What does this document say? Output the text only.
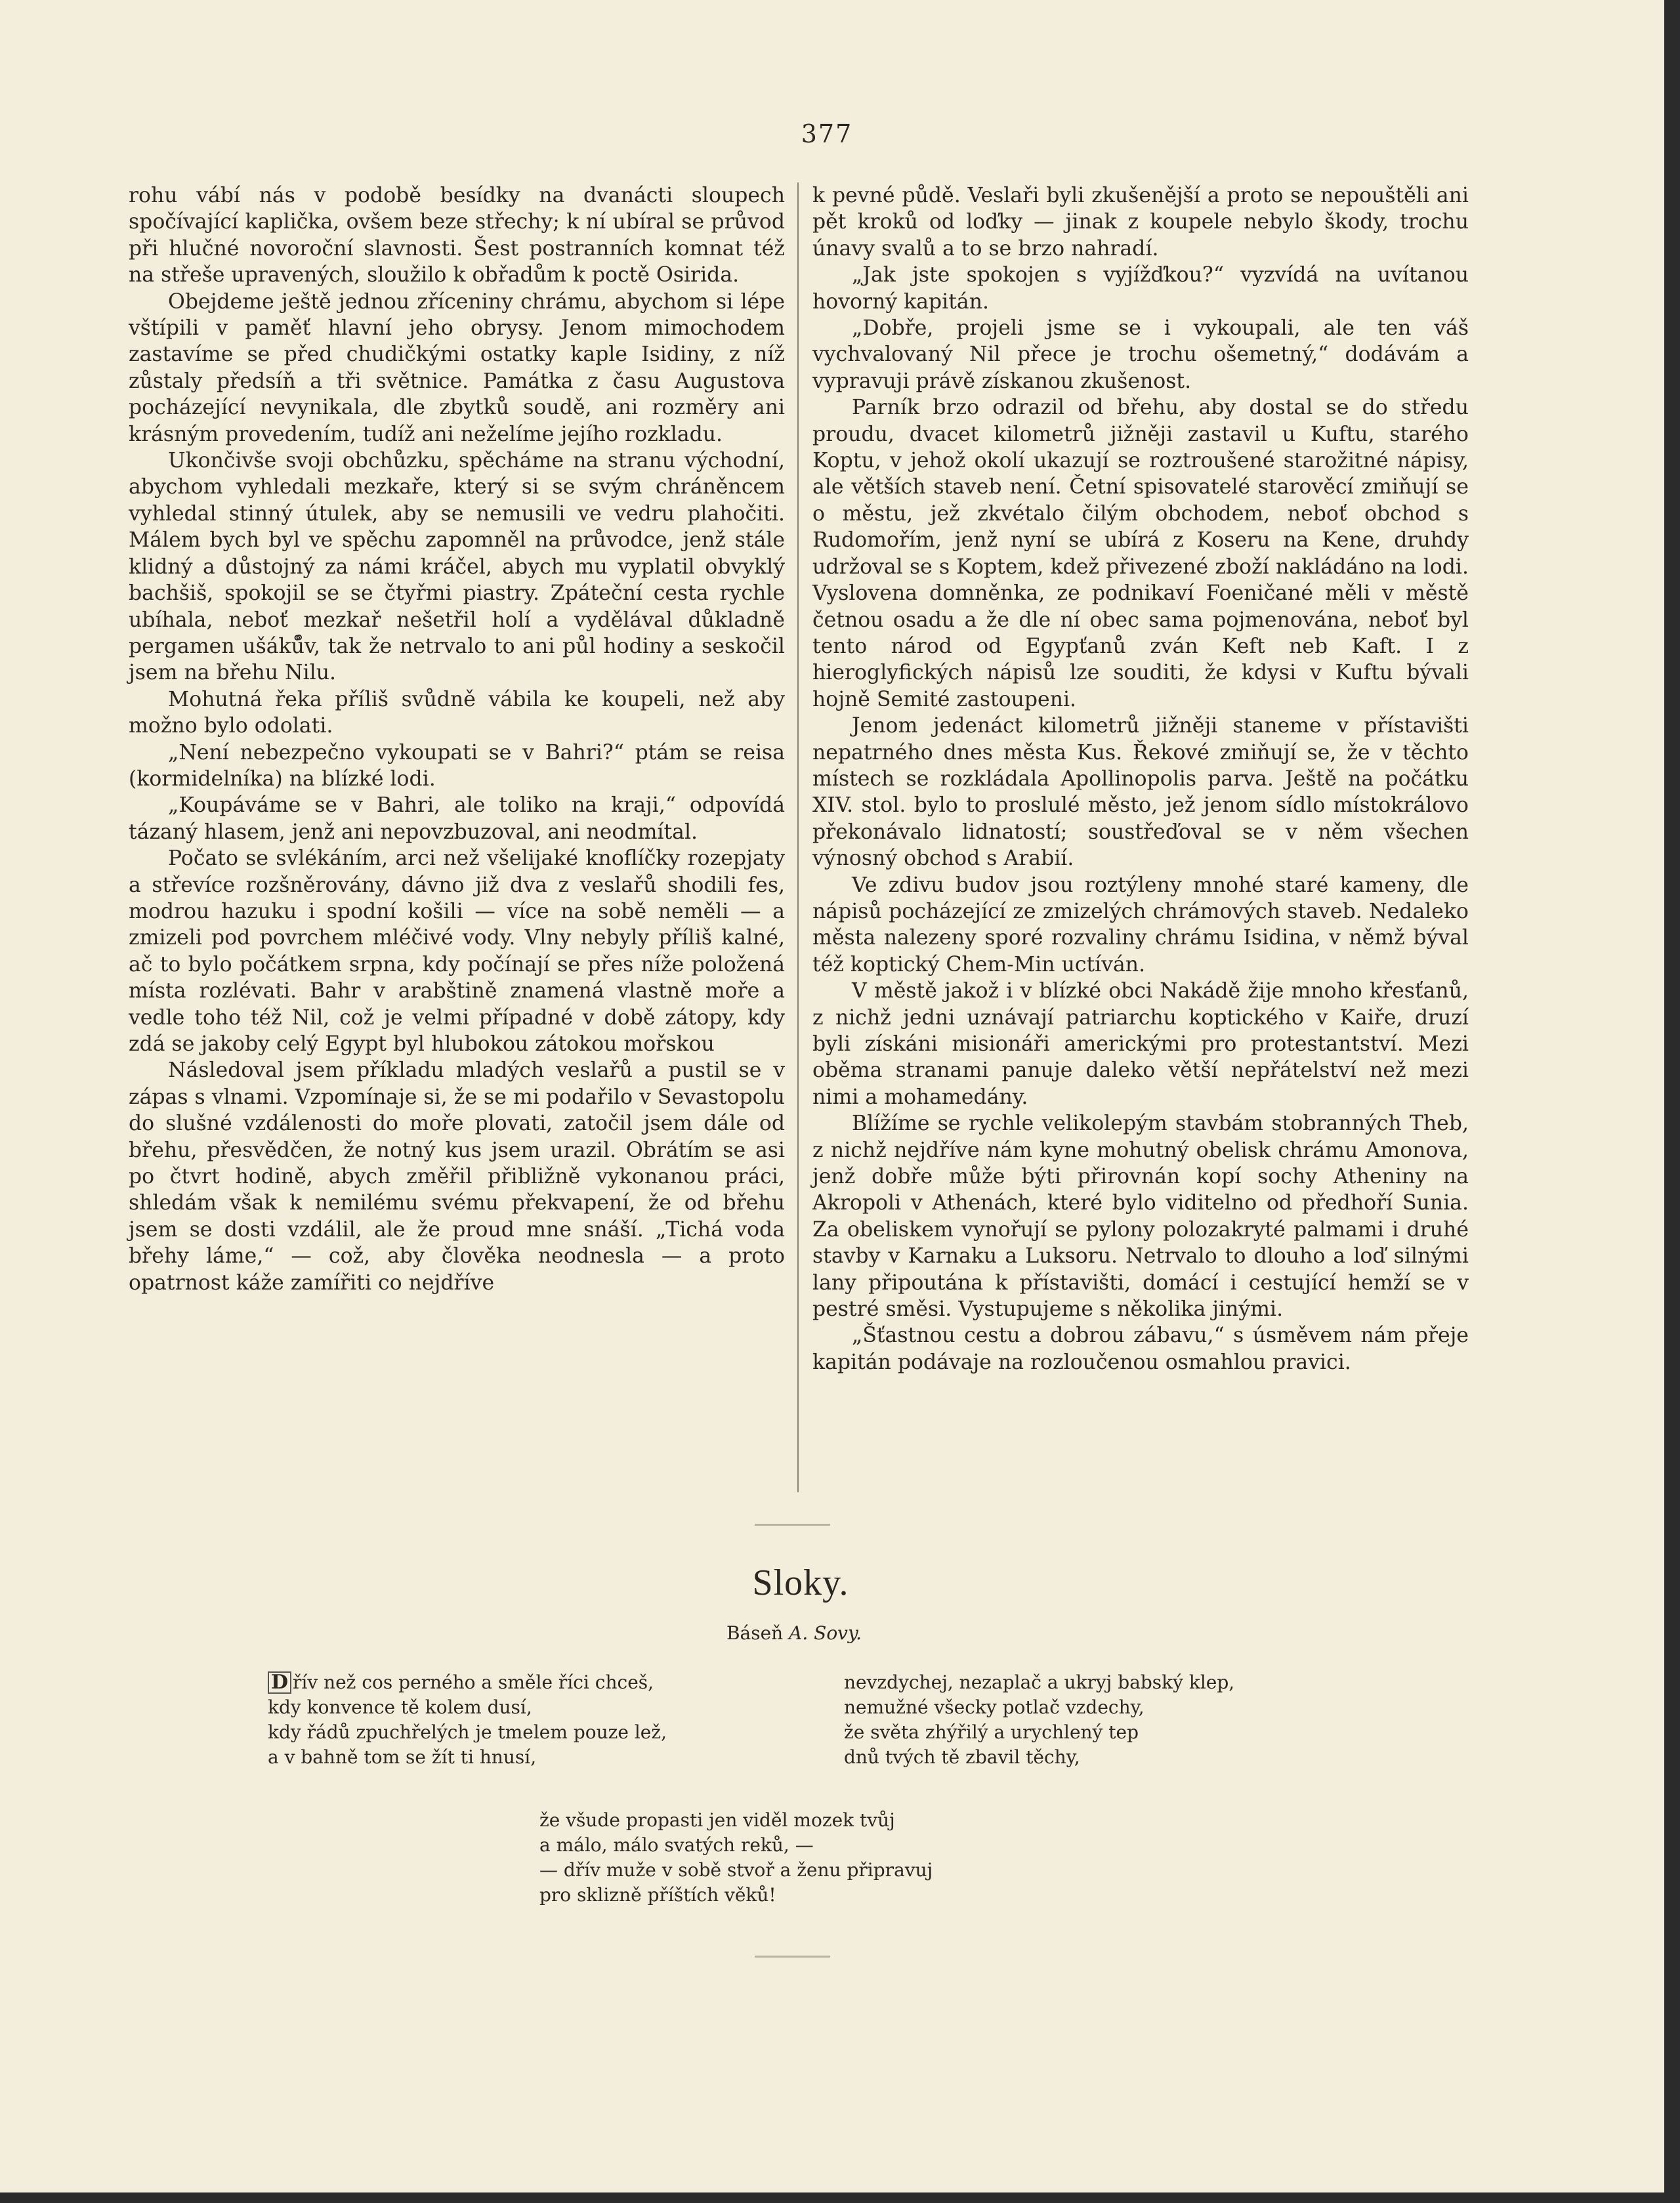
377

rohu vábí nás v podobě besídky na dvanácti sloupech spočívající kaplička, ovšem beze střechy; k ní ubíral se průvod při hlučné novoroční slavnosti. Šest postranních komnat též na střeše upravených, sloužilo k obřadům k poctě Osirida.

Obejdeme ještě jednou zříceniny chrámu, abychom si lépe vštípili v paměť hlavní jeho obrysy. Jenom mimochodem zastavíme se před chudičkými ostatky kaple Isidiny, z níž zůstaly předsíň a tři světnice. Památka z času Augustova pocházející nevynikala, dle zbytků soudě, ani rozměry ani krásným provedením, tudíž ani neželíme jejího rozkladu.

Ukončivše svoji obchůzku, spěcháme na stranu východní, abychom vyhledali mezkaře, který si se svým chráněncem vyhledal stinný útulek, aby se nemusili ve vedru plahočiti. Málem bych byl ve spěchu zapomněl na průvodce, jenž stále klidný a důstojný za námi kráčel, abych mu vyplatil obvyklý bachšiš, spokojil se se čtyřmi piastry. Zpáteční cesta rychle ubíhala, neboť mezkař nešetřil holí a vydělával důkladně pergamen ušáků̊v, tak že netrvalo to ani půl hodiny a seskočil jsem na břehu Nilu.

Mohutná řeka příliš svůdně vábila ke koupeli, než aby možno bylo odolati.

„Není nebezpečno vykoupati se v Bahri?“ ptám se reisa (kormidelníka) na blízké lodi.

„Koupáváme se v Bahri, ale toliko na kraji,“ odpovídá tázaný hlasem, jenž ani nepovzbuzoval, ani neodmítal.

Počato se svlékáním, arci než všelijaké knoflíčky rozepjaty a střevíce rozšněrovány, dávno již dva z veslařů shodili fes, modrou hazuku i spodní košili — více na sobě neměli — a zmizeli pod povrchem mléčivé vody. Vlny nebyly příliš kalné, ač to bylo počátkem srpna, kdy počínají se přes níže položená místa rozlévati. Bahr v arabštině znamená vlastně moře a vedle toho též Nil, což je velmi případné v době zátopy, kdy zdá se jakoby celý Egypt byl hlubokou zátokou mořskou

Následoval jsem příkladu mladých veslařů a pustil se v zápas s vlnami. Vzpomínaje si, že se mi podařilo v Sevastopolu do slušné vzdálenosti do moře plovati, zatočil jsem dále od břehu, přesvědčen, že notný kus jsem urazil. Obrátím se asi po čtvrt hodině, abych změřil přibližně vykonanou práci, shledám však k nemilému svému překvapení, že od břehu jsem se dosti vzdálil, ale že proud mne snáší. „Tichá voda břehy láme,“ — což, aby člověka neodnesla — a proto opatrnost káže zamířiti co nejdříve

k pevné půdě. Veslaři byli zkušenější a proto se nepouštěli ani pět kroků od loďky — jinak z koupele nebylo škody, trochu únavy svalů a to se brzo nahradí.

„Jak jste spokojen s vyjížďkou?“ vyzvídá na uvítanou hovorný kapitán.

„Dobře, projeli jsme se i vykoupali, ale ten váš vychvalovaný Nil přece je trochu ošemetný,“ dodávám a vypravuji právě získanou zkušenost.

Parník brzo odrazil od břehu, aby dostal se do středu proudu, dvacet kilometrů jižněji zastavil u Kuftu, starého Koptu, v jehož okolí ukazují se roztroušené starožitné nápisy, ale větších staveb není. Četní spisovatelé starověcí zmiňují se o městu, jež zkvétalo čilým obchodem, neboť obchod s Rudomořím, jenž nyní se ubírá z Koseru na Kene, druhdy udržoval se s Koptem, kdež přivezené zboží nakládáno na lodi. Vyslovena domněnka, ze podnikaví Foeničané měli v městě četnou osadu a že dle ní obec sama pojmenována, neboť byl tento národ od Egypťanů zván Keft neb Kaft. I z hieroglyfických nápisů lze souditi, že kdysi v Kuftu bývali hojně Semité zastoupeni.

Jenom jedenáct kilometrů jižněji staneme v přístavišti nepatrného dnes města Kus. Řekové zmiňují se, že v těchto místech se rozkládala Apollinopolis parva. Ještě na počátku XIV. stol. bylo to proslulé město, jež jenom sídlo místokrálovo překonávalo lidnatostí; soustřeďoval se v něm všechen výnosný obchod s Arabií.

Ve zdivu budov jsou roztýleny mnohé staré kameny, dle nápisů pocházející ze zmizelých chrámových staveb. Nedaleko města nalezeny sporé rozvaliny chrámu Isidina, v němž býval též koptický Chem-Min uctíván.

V městě jakož i v blízké obci Nakádě žije mnoho křesťanů, z nichž jedni uznávají patriarchu koptického v Kaiře, druzí byli získáni misionáři americkými pro protestantství. Mezi oběma stranami panuje daleko větší nepřátelství než mezi nimi a mohamedány.

Blížíme se rychle velikolepým stavbám stobranných Theb, z nichž nejdříve nám kyne mohutný obelisk chrámu Amonova, jenž dobře může býti přirovnán kopí sochy Atheniny na Akropoli v Athenách, které bylo viditelno od předhoří Sunia. Za obeliskem vynořují se pylony polozakryté palmami i druhé stavby v Karnaku a Luksoru. Netrvalo to dlouho a loď silnými lany připoutána k přístavišti, domácí i cestující hemží se v pestré směsi. Vystupujeme s několika jinými.

„Šťastnou cestu a dobrou zábavu,“ s úsměvem nám přeje kapitán podávaje na rozloučenou osmahlou pravici.

Sloky.
Báseň A. Sovy.
D řív než cos perného a směle říci chceš,
kdy konvence tě kolem dusí,
kdy řádů zpuchřelých je tmelem pouze lež,
a v bahně tom se žít ti hnusí,
nevzdychej, nezaplač a ukryj babský klep,
nemužné všecky potlač vzdechy,
že světa zhýřilý a urychlený tep
dnů tvých tě zbavil těchy,
že všude propasti jen viděl mozek tvůj
a málo, málo svatých reků, —
— dřív muže v sobě stvoř a ženu připravuj
pro sklizně příštích věků!
